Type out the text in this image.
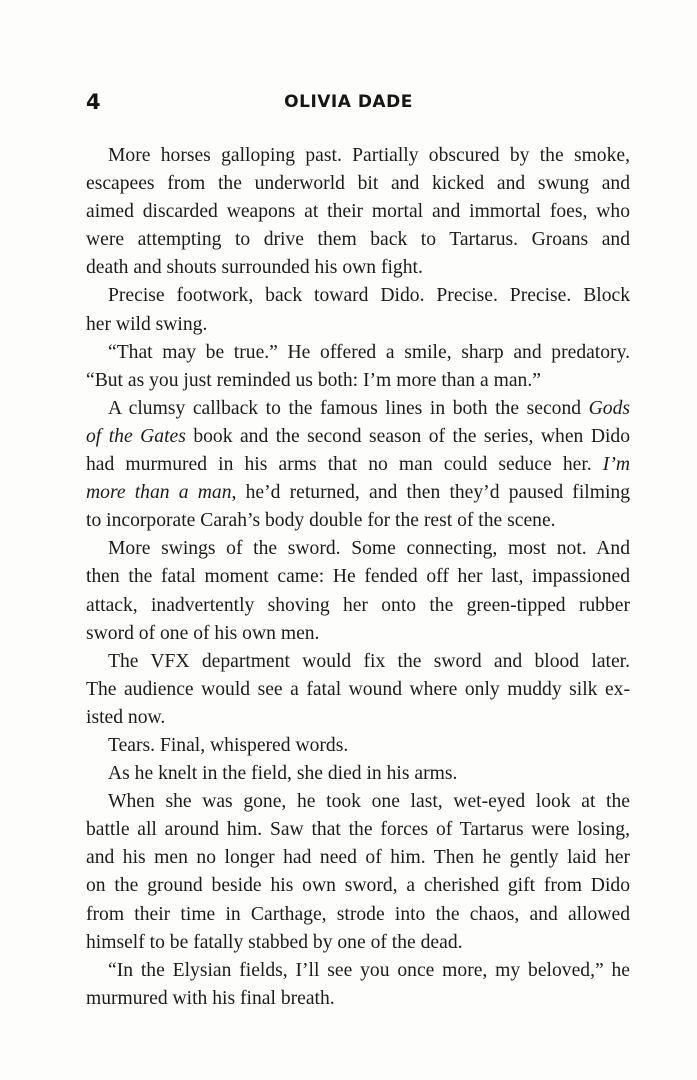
4	OLIVIA DADE

More horses galloping past. Partially obscured by the smoke,
escapees from the underworld bit and kicked and swung and
aimed discarded weapons at their mortal and immortal foes, who
were attempting to drive them back to Tartarus. Groans and
death and shouts surrounded his own fight.

Precise footwork, back toward Dido. Precise. Precise. Block
her wild swing.

“That may be true.” He offered a smile, sharp and predatory.
“But as you just reminded us both: I’m more than a man.”

A clumsy callback to the famous lines in both the second Gods
of the Gates book and the second season of the series, when Dido
had murmured in his arms that no man could seduce her. I’m
more than a man, he’d returned, and then they’d paused filming
to incorporate Carah’s body double for the rest of the scene.

More swings of the sword. Some connecting, most not. And
then the fatal moment came: He fended off her last, impassioned
attack, inadvertently shoving her onto the green-tipped rubber
sword of one of his own men.

The VFX department would fix the sword and blood later.
The audience would see a fatal wound where only muddy silk ex-
isted now.

Tears. Final, whispered words.

As he knelt in the field, she died in his arms.

When she was gone, he took one last, wet-eyed look at the
battle all around him. Saw that the forces of Tartarus were losing,
and his men no longer had need of him. Then he gently laid her
on the ground beside his own sword, a cherished gift from Dido
from their time in Carthage, strode into the chaos, and allowed
himself to be fatally stabbed by one of the dead.

“In the Elysian fields, I’ll see you once more, my beloved,” he
murmured with his final breath.
